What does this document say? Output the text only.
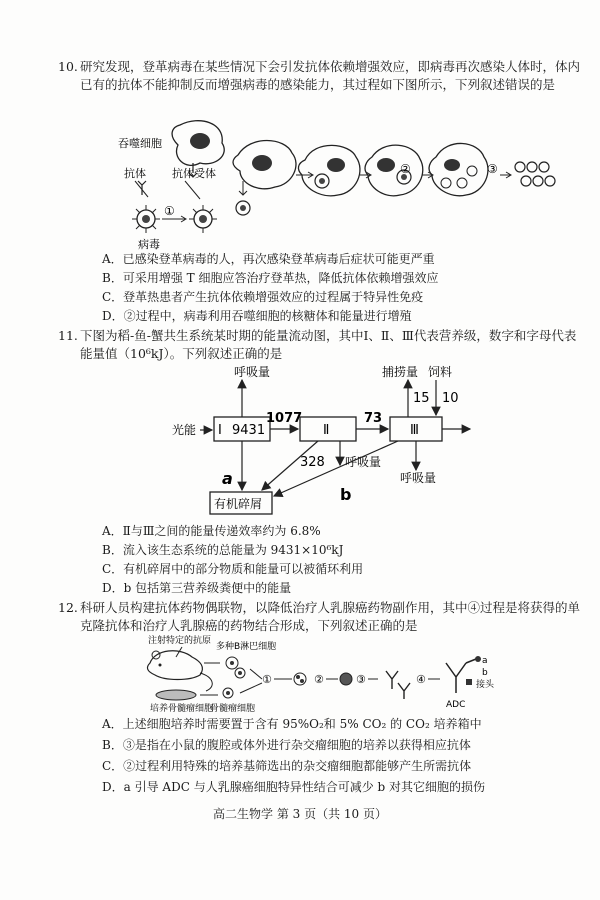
10. 研究发现，登革病毒在某些情况下会引发抗体依赖增强效应，即病毒再次感染人体时，体内已有的抗体不能抑制反而增强病毒的感染能力，其过程如下图所示，下列叙述错误的是
吞噬细胞
抗体 抗体受体
病毒
①
②	③
A．已感染登革病毒的人，再次感染登革病毒后症状可能更严重
B．可采用增强 T 细胞应答治疗登革热，降低抗体依赖增强效应
C．登革热患者产生抗体依赖增强效应的过程属于特异性免疫
D．②过程中，病毒利用吞噬细胞的核糖体和能量进行增殖
11. 下图为稻-鱼-蟹共生系统某时期的能量流动图，其中Ⅰ、Ⅱ、Ⅲ代表营养级，数字和字母代表能量值（10⁶kJ）。下列叙述正确的是
光能 Ⅰ 9431
呼吸量
1077
Ⅱ
73
Ⅲ
捕捞量
15
饲料
10
呼吸量
呼吸量
a
328
b
有机碎屑
A．Ⅱ与Ⅲ之间的能量传递效率约为 6.8%
B．流入该生态系统的总能量为 9431×10⁶kJ
C．有机碎屑中的部分物质和能量可以被循环利用
D．b 包括第三营养级粪便中的能量
12. 科研人员构建抗体药物偶联物，以降低治疗人乳腺癌药物副作用，其中④过程是将获得的单克隆抗体和治疗人乳腺癌的药物结合形成，下列叙述正确的是
注射特定的抗原
多种B淋巴细胞
培养骨髓瘤细胞
骨髓瘤细胞
①	②	③	④
a
b
接头
ADC
A．上述细胞培养时需要置于含有 95%O₂和 5% CO₂ 的 CO₂ 培养箱中
B．③是指在小鼠的腹腔或体外进行杂交瘤细胞的培养以获得相应抗体
C．②过程利用特殊的培养基筛选出的杂交瘤细胞都能够产生所需抗体
D．a 引导 ADC 与人乳腺癌细胞特异性结合可减少 b 对其它细胞的损伤
高二生物学 第 3 页（共 10 页）
